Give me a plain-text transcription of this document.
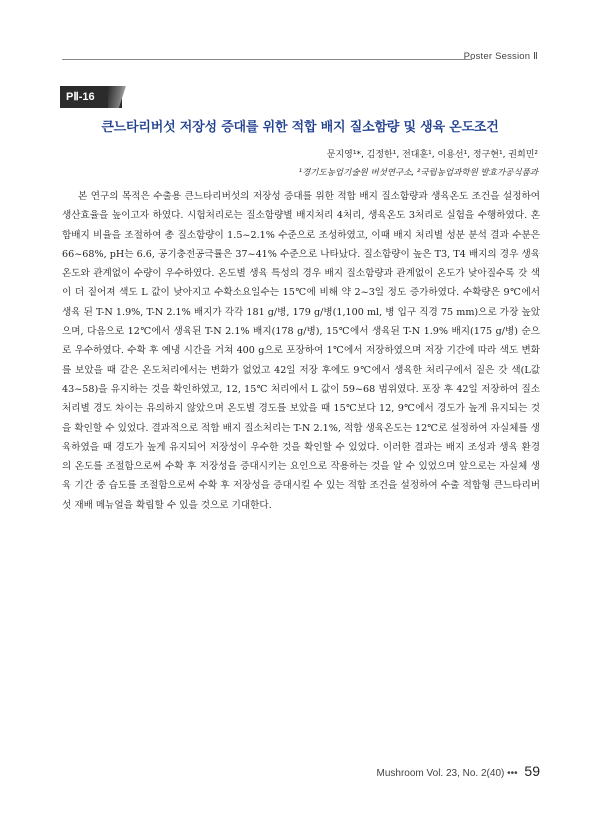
Poster Session Ⅱ
PⅡ-16
큰느타리버섯 저장성 증대를 위한 적합 배지 질소함량 및 생육 온도조건
문지영¹*, 김정한¹, 전대훈¹, 이용선¹, 정구현¹, 권희민²
¹경기도농업기술원 버섯연구소, ²국립농업과학원 발효가공식품과
본 연구의 목적은 수출용 큰느타리버섯의 저장성 증대를 위한 적합 배지 질소함량과 생육온도 조건을 설정하여 생산효율을 높이고자 하였다. 시험처리로는 질소함량별 배지처리 4처리, 생육온도 3처리로 실험을 수행하였다. 혼합배지 비율을 조절하여 총 질소함량이 1.5~2.1% 수준으로 조성하였고, 이때 배지 처리별 성분 분석 결과 수분은 66~68%, pH는 6.6, 공기충전공극률은 37~41% 수준으로 나타났다. 질소함량이 높은 T3, T4 배지의 경우 생육온도와 관계없이 수량이 우수하였다. 온도별 생육 특성의 경우 배지 질소함량과 관계없이 온도가 낮아질수록 갓 색이 더 짙어져 색도 L 값이 낮아지고 수확소요일수는 15℃에 비해 약 2~3일 정도 증가하였다. 수확량은 9℃에서 생육 된 T-N 1.9%, T-N 2.1% 배지가 각각 181 g/병, 179 g/병(1,100 ml, 병 입구 직경 75 mm)으로 가장 높았으며, 다음으로 12℃에서 생육된 T-N 2.1% 배지(178 g/병), 15℃에서 생육된 T-N 1.9% 배지(175 g/병) 순으로 우수하였다. 수확 후 예냉 시간을 거쳐 400 g으로 포장하여 1℃에서 저장하였으며 저장 기간에 따라 색도 변화를 보았을 때 같은 온도처리에서는 변화가 없었고 42일 저장 후에도 9℃에서 생육한 처리구에서 짙은 갓 색(L값 43~58)을 유지하는 것을 확인하였고, 12, 15℃ 처리에서 L 값이 59~68 범위였다. 포장 후 42일 저장하여 질소 처리별 경도 차이는 유의하지 않았으며 온도별 경도를 보았을 때 15℃보다 12, 9℃에서 경도가 높게 유지되는 것을 확인할 수 있었다. 결과적으로 적합 배지 질소처리는 T-N 2.1%, 적합 생육온도는 12℃로 설정하여 자실체를 생육하였을 때 경도가 높게 유지되어 저장성이 우수한 것을 확인할 수 있었다. 이러한 결과는 배지 조성과 생육 환경의 온도를 조절함으로써 수확 후 저장성을 증대시키는 요인으로 작용하는 것을 알 수 있었으며 앞으로는 자실체 생육 기간 중 습도를 조절함으로써 수확 후 저장성을 증대시킬 수 있는 적합 조건을 설정하여 수출 적합형 큰느타리버섯 재배 메뉴얼을 확립할 수 있을 것으로 기대한다.
Mushroom Vol. 23, No. 2(40) ••• 59
